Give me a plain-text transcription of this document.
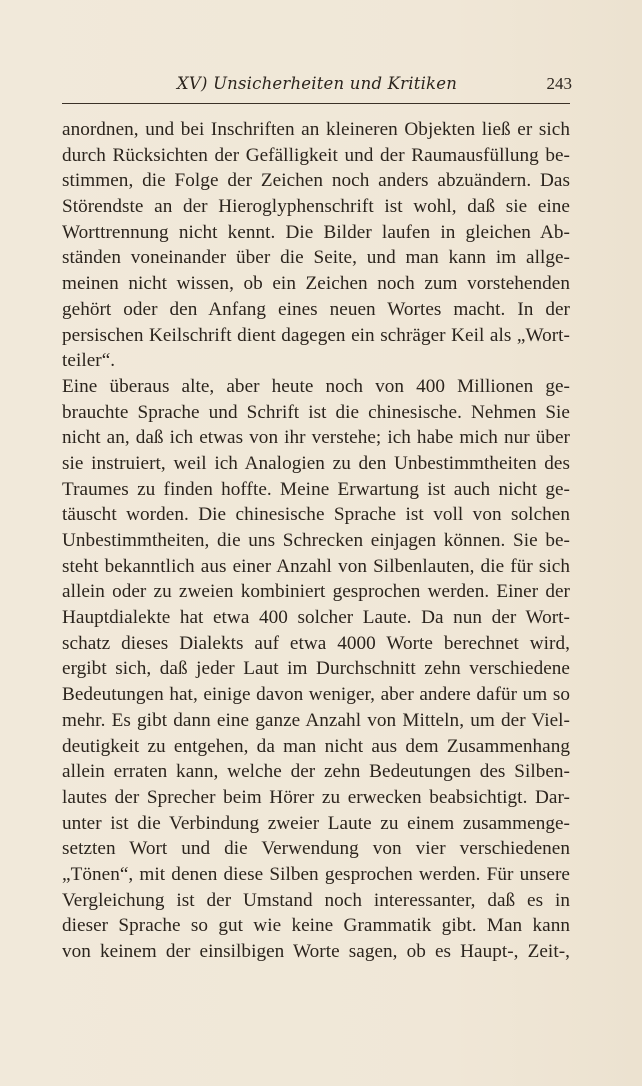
XV) Unsicherheiten und Kritiken	243
anordnen, und bei Inschriften an kleineren Objekten ließ er sich
durch Rücksichten der Gefälligkeit und der Raumausfüllung be-
stimmen, die Folge der Zeichen noch anders abzuändern. Das
Störendste an der Hieroglyphenschrift ist wohl, daß sie eine
Worttrennung nicht kennt. Die Bilder laufen in gleichen Ab-
ständen voneinander über die Seite, und man kann im allge-
meinen nicht wissen, ob ein Zeichen noch zum vorstehenden
gehört oder den Anfang eines neuen Wortes macht. In der
persischen Keilschrift dient dagegen ein schräger Keil als „Wort-
teiler“.
Eine überaus alte, aber heute noch von 400 Millionen ge-
brauchte Sprache und Schrift ist die chinesische. Nehmen Sie
nicht an, daß ich etwas von ihr verstehe; ich habe mich nur über
sie instruiert, weil ich Analogien zu den Unbestimmtheiten des
Traumes zu finden hoffte. Meine Erwartung ist auch nicht ge-
täuscht worden. Die chinesische Sprache ist voll von solchen
Unbestimmtheiten, die uns Schrecken einjagen können. Sie be-
steht bekanntlich aus einer Anzahl von Silbenlauten, die für sich
allein oder zu zweien kombiniert gesprochen werden. Einer der
Hauptdialekte hat etwa 400 solcher Laute. Da nun der Wort-
schatz dieses Dialekts auf etwa 4000 Worte berechnet wird,
ergibt sich, daß jeder Laut im Durchschnitt zehn verschiedene
Bedeutungen hat, einige davon weniger, aber andere dafür um so
mehr. Es gibt dann eine ganze Anzahl von Mitteln, um der Viel-
deutigkeit zu entgehen, da man nicht aus dem Zusammenhang
allein erraten kann, welche der zehn Bedeutungen des Silben-
lautes der Sprecher beim Hörer zu erwecken beabsichtigt. Dar-
unter ist die Verbindung zweier Laute zu einem zusammenge-
setzten Wort und die Verwendung von vier verschiedenen
„Tönen“, mit denen diese Silben gesprochen werden. Für unsere
Vergleichung ist der Umstand noch interessanter, daß es in
dieser Sprache so gut wie keine Grammatik gibt. Man kann
von keinem der einsilbigen Worte sagen, ob es Haupt-, Zeit-,
